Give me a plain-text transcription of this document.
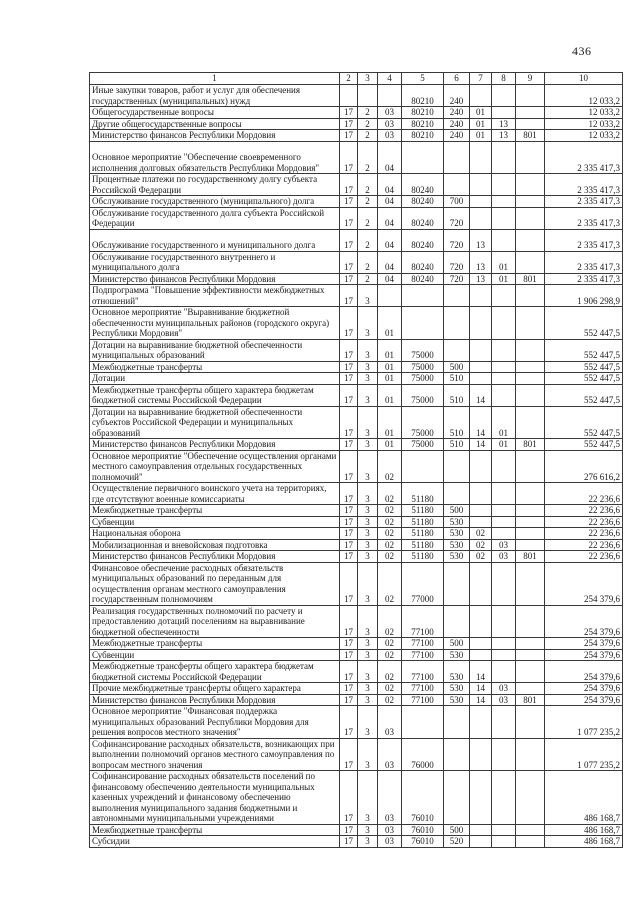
436
1	2	3	4	5	6	7	8	9	10
Иные закупки товаров, работ и услуг для обеспечения государственных (муниципальных) нужд				80210	240				12 033,2
Общегосударственные вопросы	17	2	03	80210	240	01			12 033,2
Другие общегосударственные вопросы	17	2	03	80210	240	01	13		12 033,2
Министерство финансов Республики Мордовия	17	2	03	80210	240	01	13	801	12 033,2
Основное мероприятие "Обеспечение своевременного исполнения долговых обязательств Республики Мордовия"	17	2	04						2 335 417,3
Процентные платежи по государственному долгу субъекта Российской Федерации	17	2	04	80240					2 335 417,3
Обслуживание государственного (муниципального) долга	17	2	04	80240	700				2 335 417,3
Обслуживание государственного долга субъекта Российской Федерации	17	2	04	80240	720				2 335 417,3
Обслуживание государственного и муниципального долга	17	2	04	80240	720	13			2 335 417,3
Обслуживание государственного внутреннего и муниципального долга	17	2	04	80240	720	13	01		2 335 417,3
Министерство финансов Республики Мордовия	17	2	04	80240	720	13	01	801	2 335 417,3
Подпрограмма "Повышение эффективности межбюджетных отношений"	17	3							1 906 298,9
Основное мероприятие "Выравнивание бюджетной обеспеченности муниципальных районов (городского округа) Республики Мордовия"	17	3	01						552 447,5
Дотации на выравнивание бюджетной обеспеченности муниципальных образований	17	3	01	75000					552 447,5
Межбюджетные трансферты	17	3	01	75000	500				552 447,5
Дотации	17	3	01	75000	510				552 447,5
Межбюджетные трансферты общего характера бюджетам бюджетной системы Российской Федерации	17	3	01	75000	510	14			552 447,5
Дотации на выравнивание бюджетной обеспеченности субъектов Российской Федерации и муниципальных образований	17	3	01	75000	510	14	01		552 447,5
Министерство финансов Республики Мордовия	17	3	01	75000	510	14	01	801	552 447,5
Основное мероприятие "Обеспечение осуществления органами местного самоуправления отдельных государственных полномочий"	17	3	02						276 616,2
Осуществление первичного воинского учета на территориях, где отсутствуют военные комиссариаты	17	3	02	51180					22 236,6
Межбюджетные трансферты	17	3	02	51180	500				22 236,6
Субвенции	17	3	02	51180	530				22 236,6
Национальная оборона	17	3	02	51180	530	02			22 236,6
Мобилизационная и вневойсковая подготовка	17	3	02	51180	530	02	03		22 236,6
Министерство финансов Республики Мордовия	17	3	02	51180	530	02	03	801	22 236,6
Финансовое обеспечение расходных обязательств муниципальных образований по переданным для осуществления органам местного самоуправления государственным полномочиям	17	3	02	77000					254 379,6
Реализация государственных полномочий по расчету и предоставлению дотаций поселениям на выравнивание бюджетной обеспеченности	17	3	02	77100					254 379,6
Межбюджетные трансферты	17	3	02	77100	500				254 379,6
Субвенции	17	3	02	77100	530				254 379,6
Межбюджетные трансферты общего характера бюджетам бюджетной системы Российской Федерации	17	3	02	77100	530	14			254 379,6
Прочие межбюджетные трансферты общего характера	17	3	02	77100	530	14	03		254 379,6
Министерство финансов Республики Мордовия	17	3	02	77100	530	14	03	801	254 379,6
Основное мероприятие "Финансовая поддержка муниципальных образований Республики Мордовия для решения вопросов местного значения"	17	3	03						1 077 235,2
Софинансирование расходных обязательств, возникающих при выполнении полномочий органов местного самоуправления по вопросам местного значения	17	3	03	76000					1 077 235,2
Софинансирование расходных обязательств поселений по финансовому обеспечению деятельности муниципальных казенных учреждений и финансовому обеспечению выполнения муниципального задания бюджетными и автономными муниципальными учреждениями	17	3	03	76010					486 168,7
Межбюджетные трансферты	17	3	03	76010	500				486 168,7
Субсидии	17	3	03	76010	520				486 168,7
